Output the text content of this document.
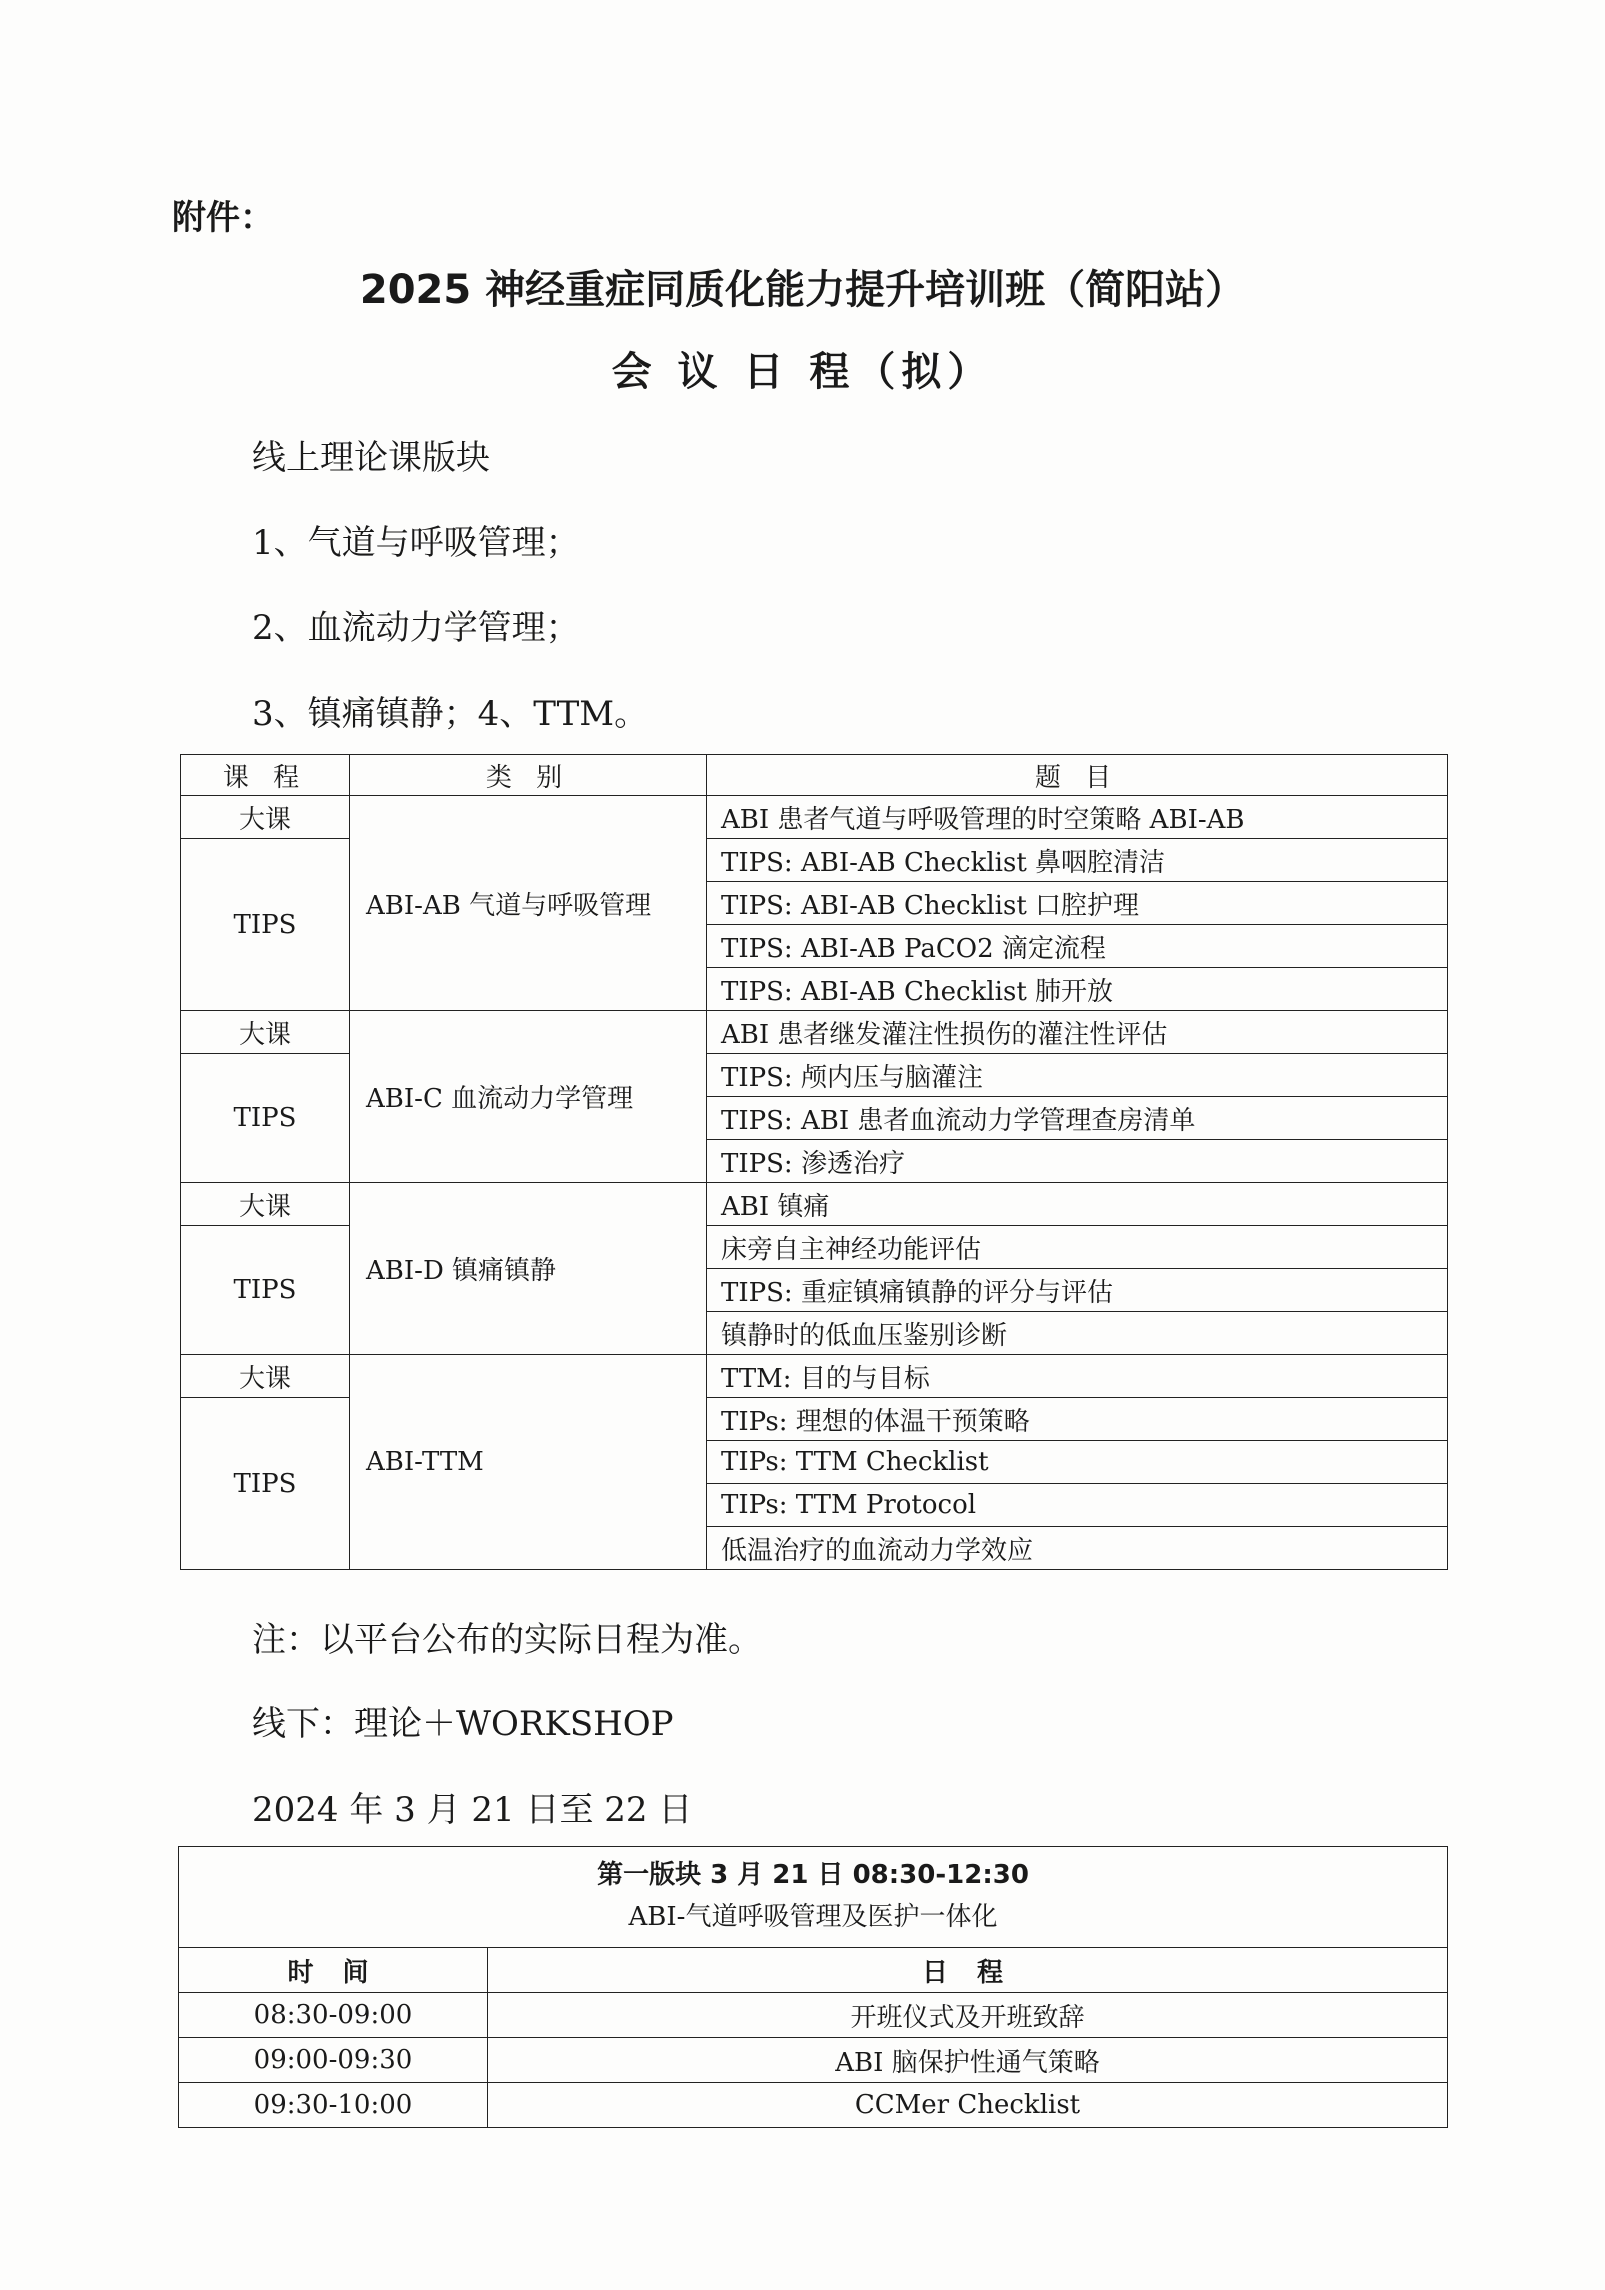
附件：
2025 神经重症同质化能力提升培训班（简阳站）
会 议 日 程（拟）
线上理论课版块
1、气道与呼吸管理；
2、血流动力学管理；
3、镇痛镇静；4、TTM。
课 程	类 别	题 目
大课	ABI-AB 气道与呼吸管理	ABI 患者气道与呼吸管理的时空策略 ABI-AB
TIPS		TIPS: ABI-AB Checklist 鼻咽腔清洁
		TIPS: ABI-AB Checklist 口腔护理
		TIPS: ABI-AB PaCO2 滴定流程
		TIPS: ABI-AB Checklist 肺开放
大课	ABI-C 血流动力学管理	ABI 患者继发灌注性损伤的灌注性评估
TIPS		TIPS: 颅内压与脑灌注
		TIPS: ABI 患者血流动力学管理查房清单
		TIPS: 渗透治疗
大课	ABI-D 镇痛镇静	ABI 镇痛
TIPS		床旁自主神经功能评估
		TIPS: 重症镇痛镇静的评分与评估
		镇静时的低血压鉴别诊断
大课	ABI-TTM	TTM: 目的与目标
TIPS		TIPs: 理想的体温干预策略
		TIPs: TTM Checklist
		TIPs: TTM Protocol
		低温治疗的血流动力学效应
注：以平台公布的实际日程为准。
线下：理论＋WORKSHOP
2024 年 3 月 21 日至 22 日
第一版块 3 月 21 日 08:30-12:30
ABI-气道呼吸管理及医护一体化	

时 间	日 程
08:30-09:00	开班仪式及开班致辞
09:00-09:30	ABI 脑保护性通气策略
09:30-10:00	CCMer Checklist
